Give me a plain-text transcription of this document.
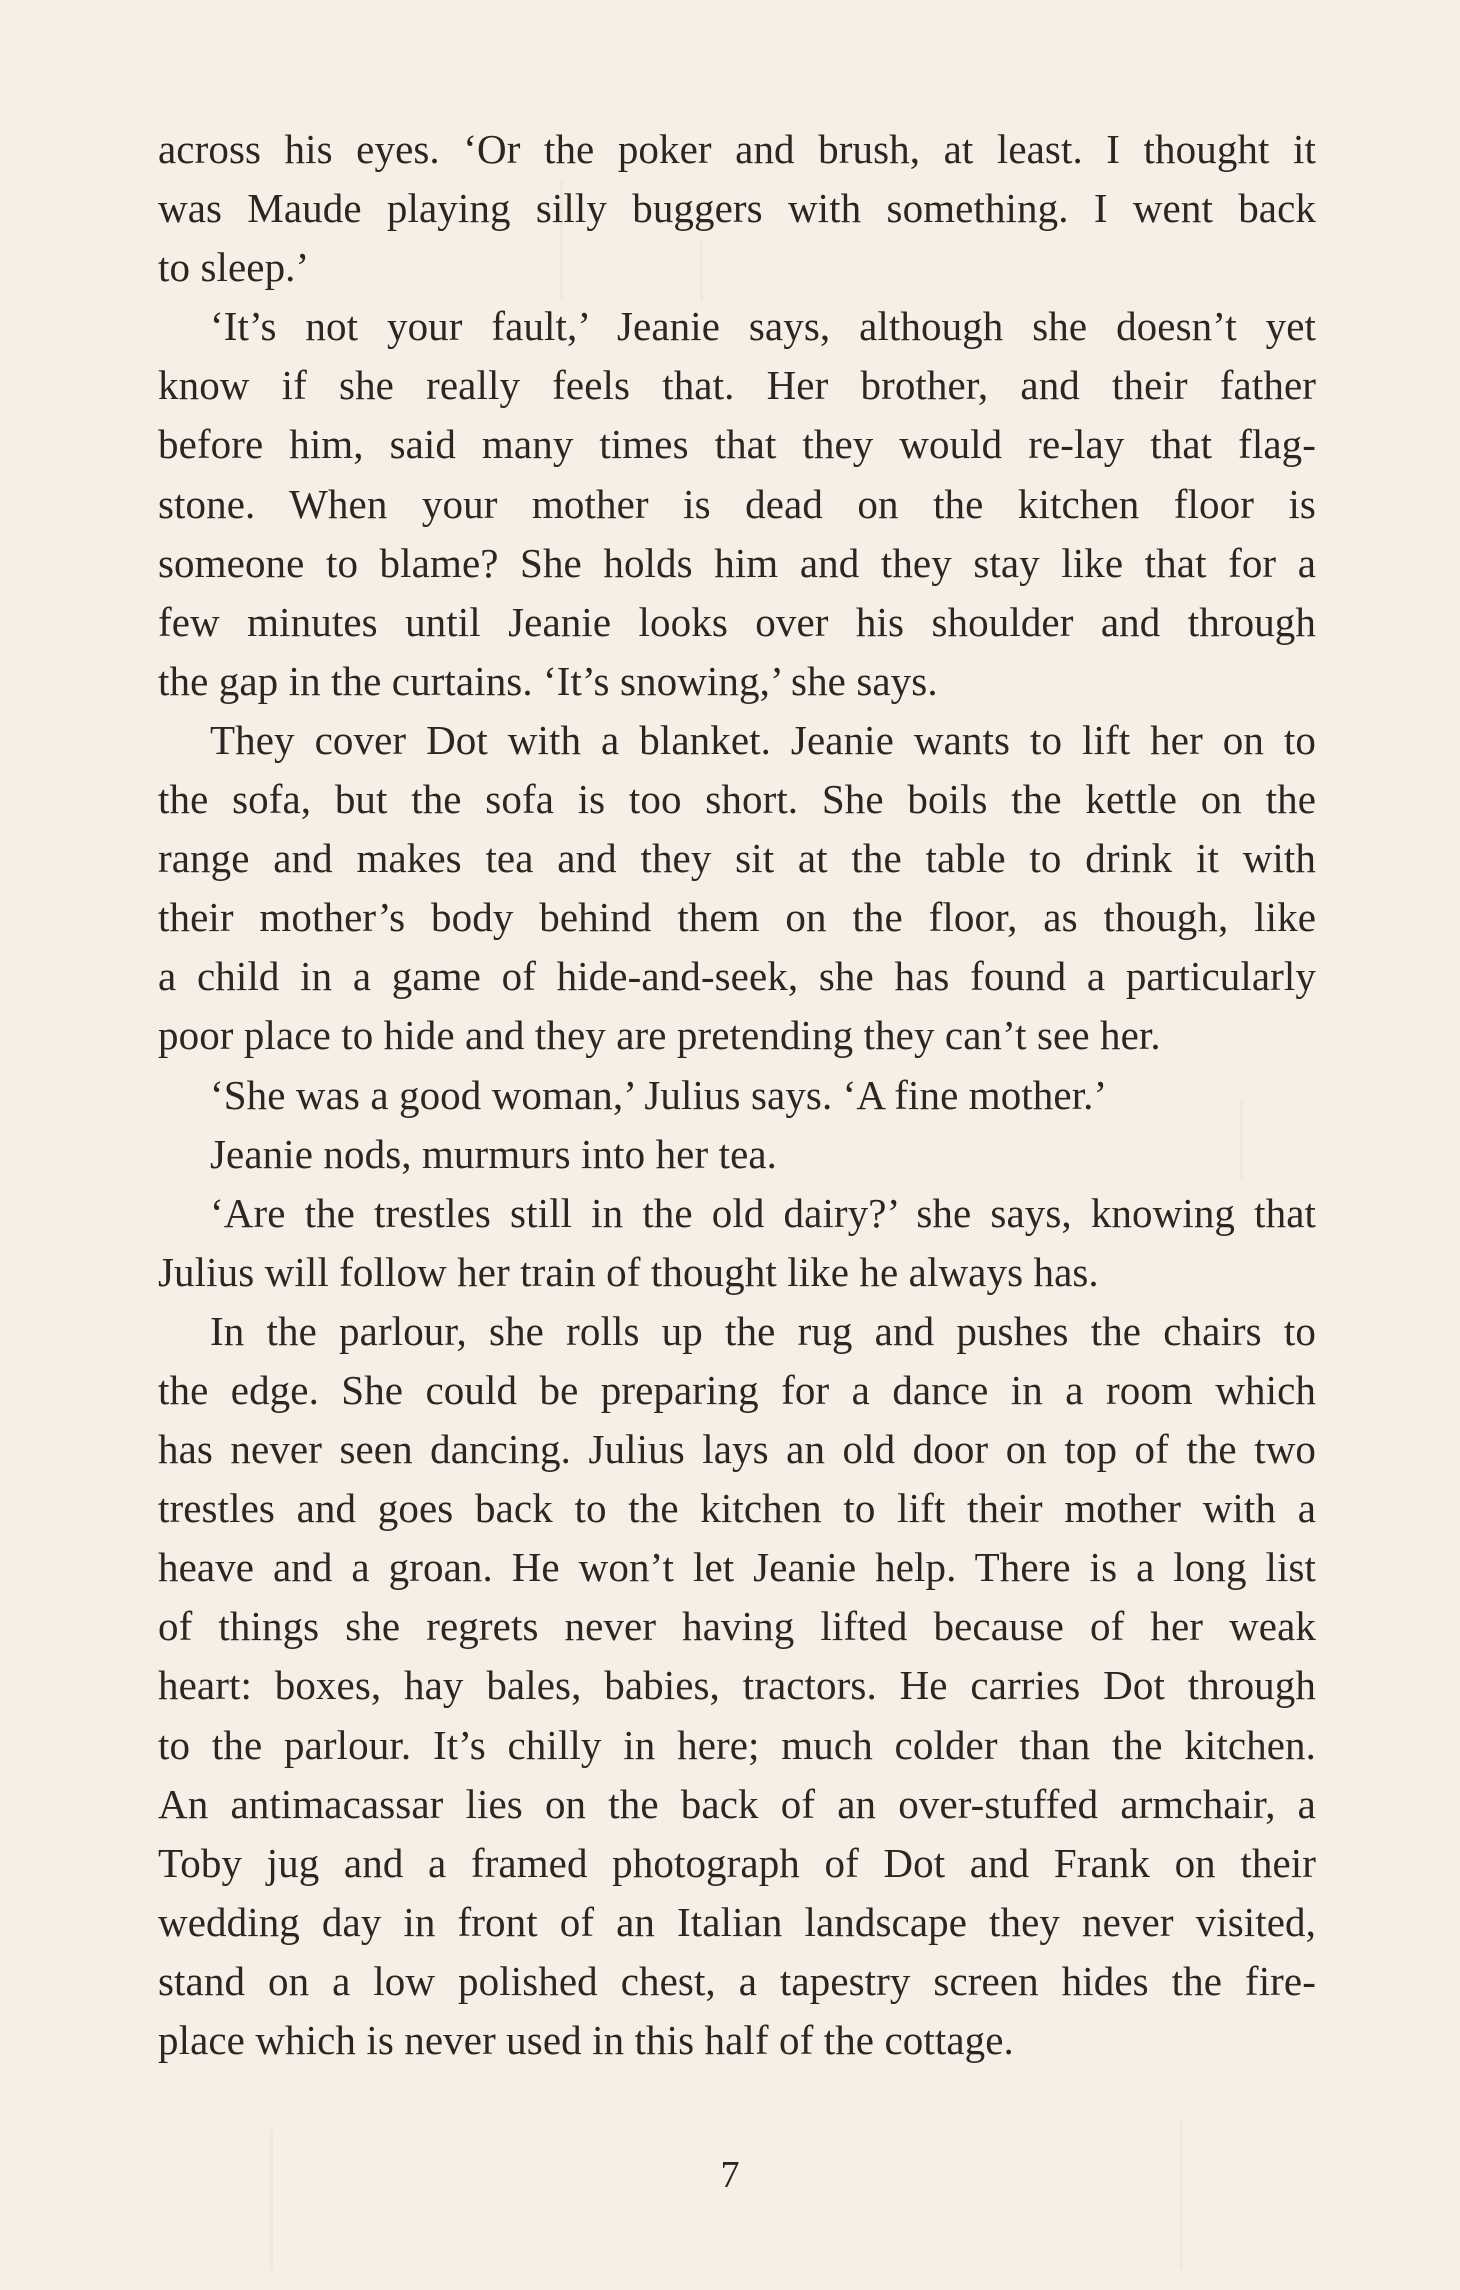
across his eyes. ‘Or the poker and brush, at least. I thought it
was Maude playing silly buggers with something. I went back
to sleep.’
‘It’s not your fault,’ Jeanie says, although she doesn’t yet
know if she really feels that. Her brother, and their father
before him, said many times that they would re-lay that flag-
stone. When your mother is dead on the kitchen floor is
someone to blame? She holds him and they stay like that for a
few minutes until Jeanie looks over his shoulder and through
the gap in the curtains. ‘It’s snowing,’ she says.
They cover Dot with a blanket. Jeanie wants to lift her on to
the sofa, but the sofa is too short. She boils the kettle on the
range and makes tea and they sit at the table to drink it with
their mother’s body behind them on the floor, as though, like
a child in a game of hide-and-seek, she has found a particularly
poor place to hide and they are pretending they can’t see her.
‘She was a good woman,’ Julius says. ‘A fine mother.’
Jeanie nods, murmurs into her tea.
‘Are the trestles still in the old dairy?’ she says, knowing that
Julius will follow her train of thought like he always has.
In the parlour, she rolls up the rug and pushes the chairs to
the edge. She could be preparing for a dance in a room which
has never seen dancing. Julius lays an old door on top of the two
trestles and goes back to the kitchen to lift their mother with a
heave and a groan. He won’t let Jeanie help. There is a long list
of things she regrets never having lifted because of her weak
heart: boxes, hay bales, babies, tractors. He carries Dot through
to the parlour. It’s chilly in here; much colder than the kitchen.
An antimacassar lies on the back of an over-stuffed armchair, a
Toby jug and a framed photograph of Dot and Frank on their
wedding day in front of an Italian landscape they never visited,
stand on a low polished chest, a tapestry screen hides the fire-
place which is never used in this half of the cottage.
7
